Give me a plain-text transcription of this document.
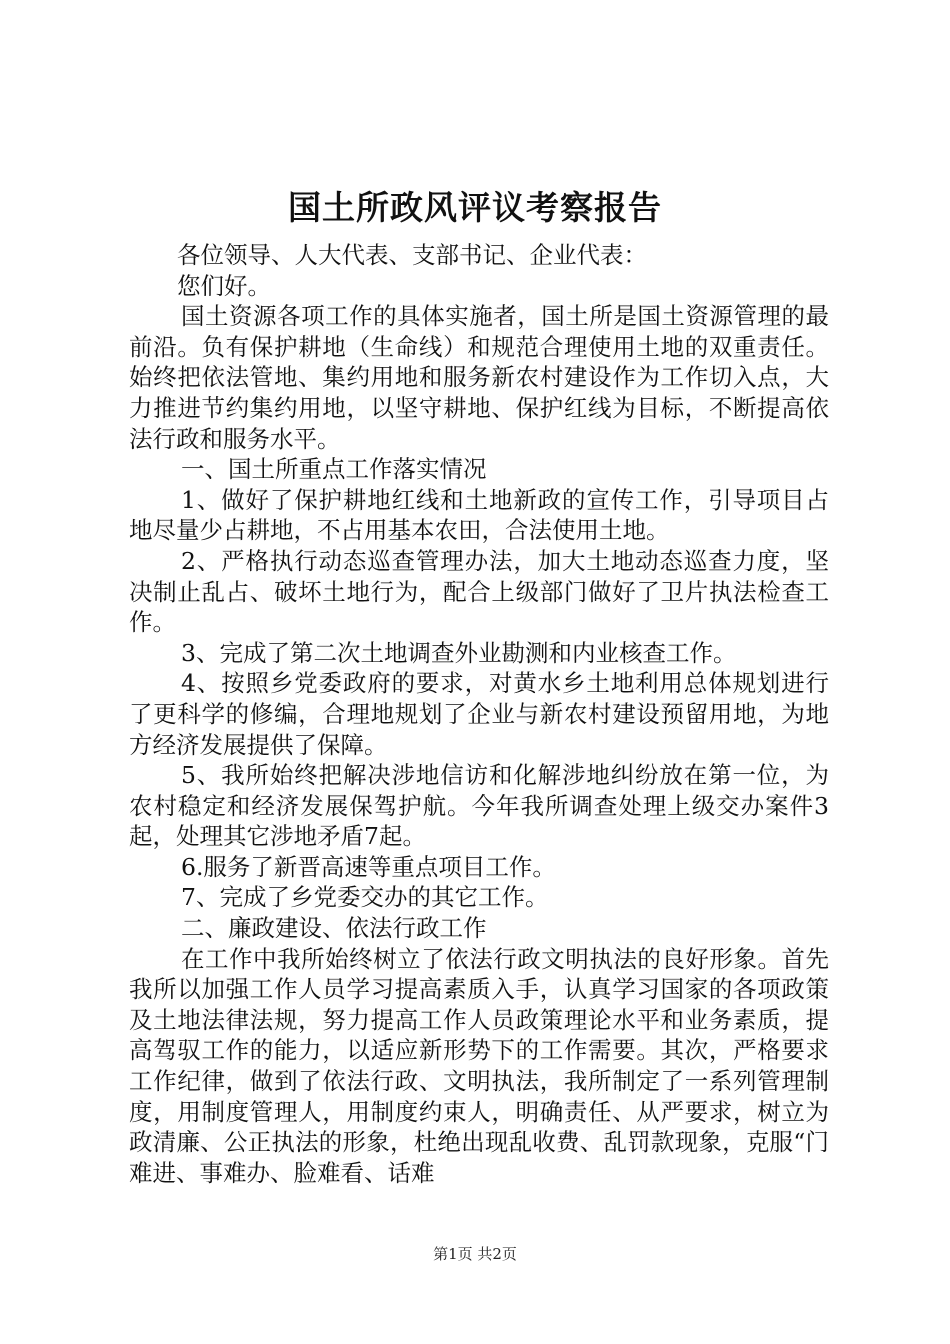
国土所政风评议考察报告

各位领导、人大代表、支部书记、企业代表：

您们好。

国土资源各项工作的具体实施者，国土所是国土资源管理的最前沿。负有保护耕地（生命线）和规范合理使用土地的双重责任。始终把依法管地、集约用地和服务新农村建设作为工作切入点，大力推进节约集约用地，以坚守耕地、保护红线为目标，不断提高依法行政和服务水平。

一、国土所重点工作落实情况

1、做好了保护耕地红线和土地新政的宣传工作，引导项目占地尽量少占耕地，不占用基本农田，合法使用土地。

2、严格执行动态巡查管理办法，加大土地动态巡查力度，坚决制止乱占、破坏土地行为，配合上级部门做好了卫片执法检查工作。

3、完成了第二次土地调查外业勘测和内业核查工作。

4、按照乡党委政府的要求，对黄水乡土地利用总体规划进行了更科学的修编，合理地规划了企业与新农村建设预留用地，为地方经济发展提供了保障。

5、我所始终把解决涉地信访和化解涉地纠纷放在第一位，为农村稳定和经济发展保驾护航。今年我所调查处理上级交办案件3起，处理其它涉地矛盾7起。

6.服务了新晋高速等重点项目工作。

7、完成了乡党委交办的其它工作。

二、廉政建设、依法行政工作

在工作中我所始终树立了依法行政文明执法的良好形象。首先我所以加强工作人员学习提高素质入手，认真学习国家的各项政策及土地法律法规，努力提高工作人员政策理论水平和业务素质，提高驾驭工作的能力，以适应新形势下的工作需要。其次，严格要求工作纪律，做到了依法行政、文明执法，我所制定了一系列管理制度，用制度管理人，用制度约束人，明确责任、从严要求，树立为政清廉、公正执法的形象，杜绝出现乱收费、乱罚款现象，克服“门难进、事难办、脸难看、话难

第1页 共2页
